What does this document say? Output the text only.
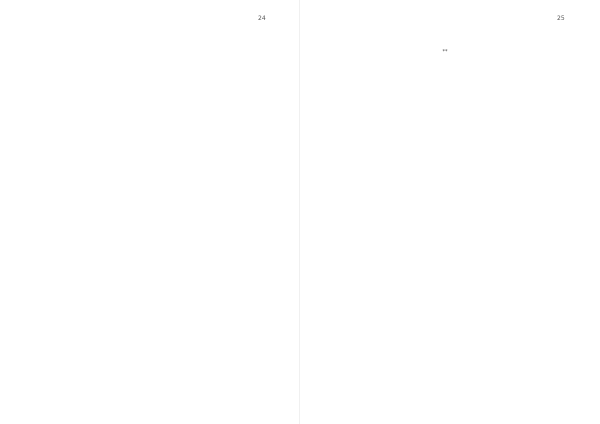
24	25

**
